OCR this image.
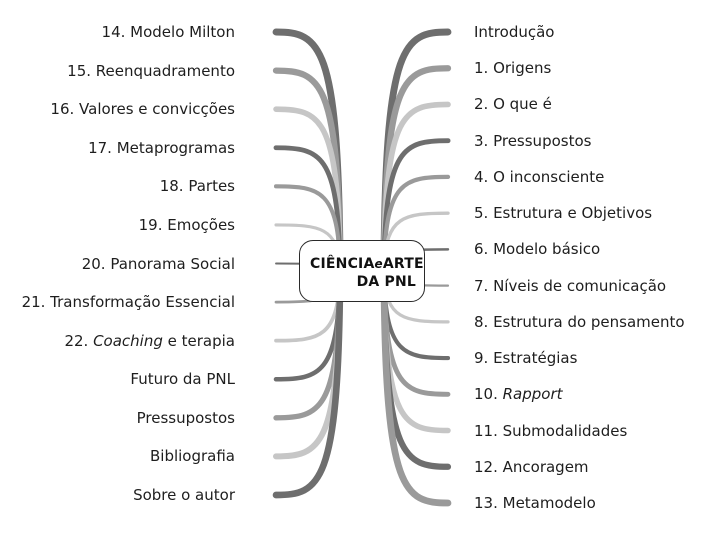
14. Modelo Milton
15. Reenquadramento
16. Valores e convicções
17. Metaprogramas
18. Partes
19. Emoções
20. Panorama Social
21. Transformação Essencial
22. Coaching e terapia
Futuro da PNL
Pressupostos
Bibliografia
Sobre o autor
Introdução
1. Origens
2. O que é
3. Pressupostos
4. O inconsciente
5. Estrutura e Objetivos
6. Modelo básico
7. Níveis de comunicação
8. Estrutura do pensamento
9. Estratégias
10. Rapport
11. Submodalidades
12. Ancoragem
13. Metamodelo
CIÊNCIAeARTE
DA PNL
